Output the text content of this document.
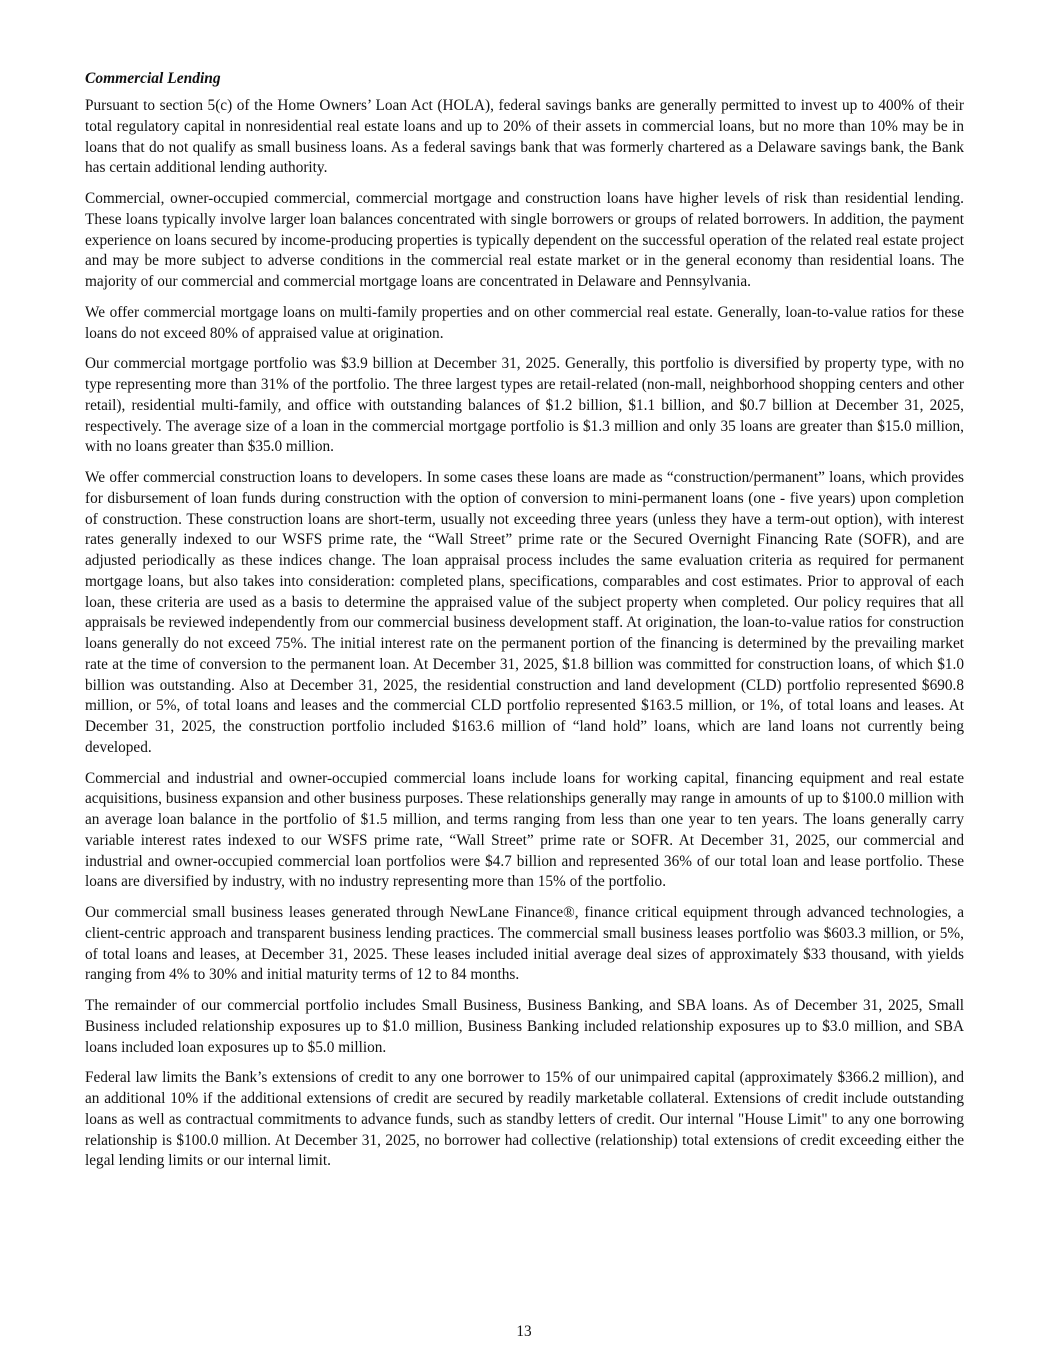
Commercial Lending

Pursuant to section 5(c) of the Home Owners’ Loan Act (HOLA), federal savings banks are generally permitted to invest up to 400% of their total regulatory capital in nonresidential real estate loans and up to 20% of their assets in commercial loans, but no more than 10% may be in loans that do not qualify as small business loans. As a federal savings bank that was formerly chartered as a Delaware savings bank, the Bank has certain additional lending authority.

Commercial, owner-occupied commercial, commercial mortgage and construction loans have higher levels of risk than residential lending. These loans typically involve larger loan balances concentrated with single borrowers or groups of related borrowers. In addition, the payment experience on loans secured by income-producing properties is typically dependent on the successful operation of the related real estate project and may be more subject to adverse conditions in the commercial real estate market or in the general economy than residential loans. The majority of our commercial and commercial mortgage loans are concentrated in Delaware and Pennsylvania.

We offer commercial mortgage loans on multi-family properties and on other commercial real estate. Generally, loan-to-value ratios for these loans do not exceed 80% of appraised value at origination.

Our commercial mortgage portfolio was $3.9 billion at December 31, 2025. Generally, this portfolio is diversified by property type, with no type representing more than 31% of the portfolio. The three largest types are retail-related (non-mall, neighborhood shopping centers and other retail), residential multi-family, and office with outstanding balances of $1.2 billion, $1.1 billion, and $0.7 billion at December 31, 2025, respectively. The average size of a loan in the commercial mortgage portfolio is $1.3 million and only 35 loans are greater than $15.0 million, with no loans greater than $35.0 million.

We offer commercial construction loans to developers. In some cases these loans are made as “construction/permanent” loans, which provides for disbursement of loan funds during construction with the option of conversion to mini-permanent loans (one - five years) upon completion of construction. These construction loans are short-term, usually not exceeding three years (unless they have a term-out option), with interest rates generally indexed to our WSFS prime rate, the “Wall Street” prime rate or the Secured Overnight Financing Rate (SOFR), and are adjusted periodically as these indices change. The loan appraisal process includes the same evaluation criteria as required for permanent mortgage loans, but also takes into consideration: completed plans, specifications, comparables and cost estimates. Prior to approval of each loan, these criteria are used as a basis to determine the appraised value of the subject property when completed. Our policy requires that all appraisals be reviewed independently from our commercial business development staff. At origination, the loan-to-value ratios for construction loans generally do not exceed 75%. The initial interest rate on the permanent portion of the financing is determined by the prevailing market rate at the time of conversion to the permanent loan. At December 31, 2025, $1.8 billion was committed for construction loans, of which $1.0 billion was outstanding. Also at December 31, 2025, the residential construction and land development (CLD) portfolio represented $690.8 million, or 5%, of total loans and leases and the commercial CLD portfolio represented $163.5 million, or 1%, of total loans and leases. At December 31, 2025, the construction portfolio included $163.6 million of “land hold” loans, which are land loans not currently being developed.

Commercial and industrial and owner-occupied commercial loans include loans for working capital, financing equipment and real estate acquisitions, business expansion and other business purposes. These relationships generally may range in amounts of up to $100.0 million with an average loan balance in the portfolio of $1.5 million, and terms ranging from less than one year to ten years. The loans generally carry variable interest rates indexed to our WSFS prime rate, “Wall Street” prime rate or SOFR. At December 31, 2025, our commercial and industrial and owner-occupied commercial loan portfolios were $4.7 billion and represented 36% of our total loan and lease portfolio. These loans are diversified by industry, with no industry representing more than 15% of the portfolio.

Our commercial small business leases generated through NewLane Finance®, finance critical equipment through advanced technologies, a client-centric approach and transparent business lending practices. The commercial small business leases portfolio was $603.3 million, or 5%, of total loans and leases, at December 31, 2025. These leases included initial average deal sizes of approximately $33 thousand, with yields ranging from 4% to 30% and initial maturity terms of 12 to 84 months.

The remainder of our commercial portfolio includes Small Business, Business Banking, and SBA loans. As of December 31, 2025, Small Business included relationship exposures up to $1.0 million, Business Banking included relationship exposures up to $3.0 million, and SBA loans included loan exposures up to $5.0 million.

Federal law limits the Bank’s extensions of credit to any one borrower to 15% of our unimpaired capital (approximately $366.2 million), and an additional 10% if the additional extensions of credit are secured by readily marketable collateral. Extensions of credit include outstanding loans as well as contractual commitments to advance funds, such as standby letters of credit. Our internal "House Limit" to any one borrowing relationship is $100.0 million. At December 31, 2025, no borrower had collective (relationship) total extensions of credit exceeding either the legal lending limits or our internal limit.

13
